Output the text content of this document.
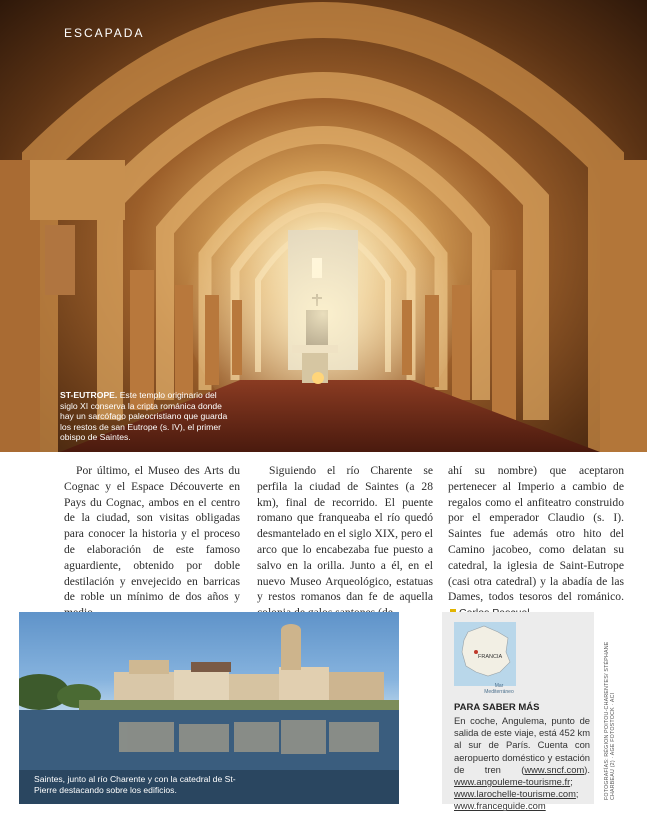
ESCAPADA
ST-EUTROPE. Este templo originario del siglo XI conserva la cripta románica donde hay un sarcófago paleocristiano que guarda los restos de san Eutrope (s. IV), el primer obispo de Saintes.
Por último, el Museo des Arts du Cognac y el Espace Découverte en Pays du Cognac, ambos en el centro de la ciudad, son visitas obligadas para conocer la historia y el proceso de elaboración de este famoso aguardiente, obtenido por doble destilación y envejecido en barricas de roble un mínimo de dos años y
Siguiendo el río Charente se perfila la ciudad de Saintes (a 28 km), final de recorrido. El puente romano que franqueaba el río quedó desmantelado en el siglo XIX, pero el arco que lo encabezaba fue puesto a salvo en la orilla. Junto a él, en el nuevo Museo Arqueológico, estatuas y restos romanos dan fe de aquella
ahí su nombre) que aceptaron pertenecer al Imperio a cambio de regalos como el anfiteatro construido por el emperador Claudio (s. I). Saintes fue además otro hito del Camino jacobeo, como delatan su catedral, la iglesia de Saint-Eutrope (casi otra catedral) y la abadía de las Dames, todos tesoros del románico.
Saintes, junto al río Charente y con la catedral de St-Pierre destacando sobre los edificios.
FRANCIA
Mar Mediterráneo
PARA SABER MÁS
En coche, Angulema, punto de salida de este viaje, está 452 km al sur de París. Cuenta con aeropuerto doméstico y estación de tren (www.sncf.com). www.angouleme-tourisme.fr; www.larochelle-tourisme.com; www.franceguide.com
FOTOGRAFÍAS: RÉGION POITOU-CHARENTES/ STÉPHANE CHARBEAU (2) · AGE FOTOSTOCK · ACI
